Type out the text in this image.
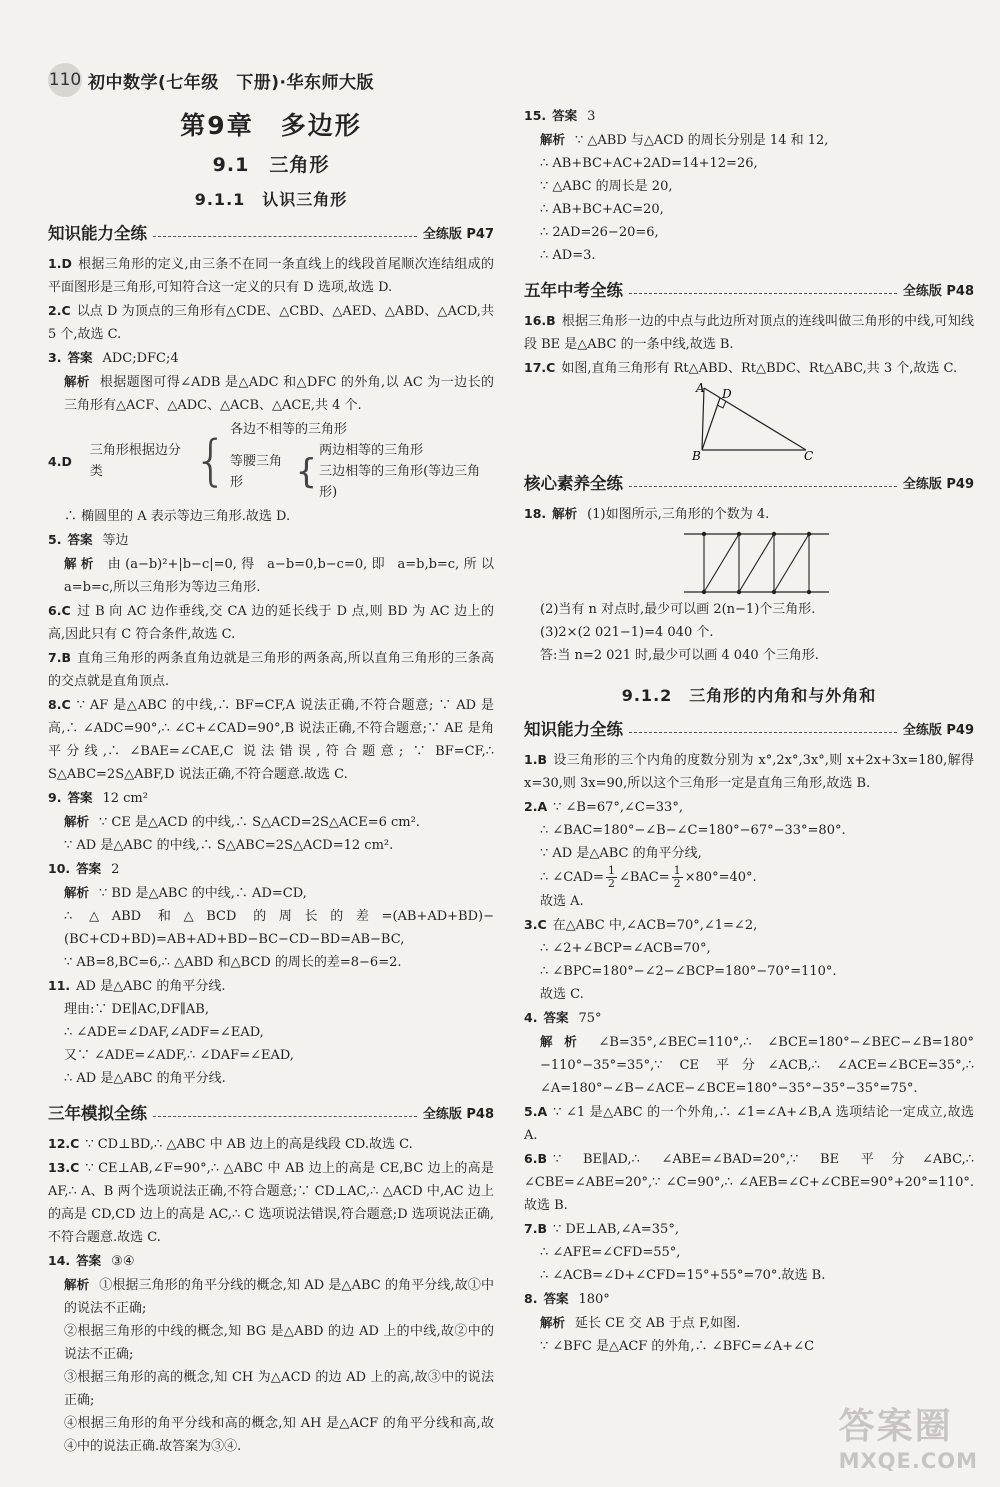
110 初中数学(七年级　下册)·华东师大版
第9章　多边形
9.1　三角形
9.1.1　认识三角形
知识能力全练	全练版 P47
1.D 根据三角形的定义,由三条不在同一条直线上的线段首尾顺次连结组成的平面图形是三角形,可知符合这一定义的只有 D 选项,故选 D.
2.C 以点 D 为顶点的三角形有△CDE、△CBD、△AED、△ABD、△ACD,共 5 个,故选 C.
3. 答案 ADC;DFC;4
解析 根据题图可得∠ADB 是△ADC 和△DFC 的外角,以 AC 为一边长的三角形有△ACF、△ADC、△ACB、△ACE,共 4 个.
4.D
三角形根据边分类	{ 各边不相等的三角形
等腰三角形	{
两边相等的三角形
三边相等的三角形(等边三角形)
∴ 椭圆里的 A 表示等边三角形.故选 D.
5. 答案 等边
解析 由(a−b)²+|b−c|=0,得 a−b=0,b−c=0,即 a=b,b=c,所以 a=b=c,所以三角形为等边三角形.
6.C 过 B 向 AC 边作垂线,交 CA 边的延长线于 D 点,则 BD 为 AC 边上的高,因此只有 C 符合条件,故选 C.
7.B 直角三角形的两条直角边就是三角形的两条高,所以直角三角形的三条高的交点就是直角顶点.
8.C ∵ AF 是△ABC 的中线,∴ BF=CF,A 说法正确,不符合题意; ∵ AD 是高,∴ ∠ADC=90°,∴ ∠C+∠CAD=90°,B 说法正确,不符合题意;∵ AE 是角平分线,∴ ∠BAE=∠CAE,C 说法错误,符合题意; ∵ BF=CF,∴ S△ABC=2S△ABF,D 说法正确,不符合题意.故选 C.
9. 答案 12 cm²
解析 ∵ CE 是△ACD 的中线,∴ S△ACD=2S△ACE=6 cm².
∵ AD 是△ABC 的中线,∴ S△ABC=2S△ACD=12 cm².
10. 答案 2
解析 ∵ BD 是△ABC 的中线,∴ AD=CD,
∴ △ABD 和△BCD 的周长的差=(AB+AD+BD)−(BC+CD+BD)=AB+AD+BD−BC−CD−BD=AB−BC,
∵ AB=8,BC=6,∴ △ABD 和△BCD 的周长的差=8−6=2.
11. AD 是△ABC 的角平分线.
理由:∵ DE∥AC,DF∥AB,
∴ ∠ADE=∠DAF,∠ADF=∠EAD,
又∵ ∠ADE=∠ADF,∴ ∠DAF=∠EAD,
∴ AD 是△ABC 的角平分线.
三年模拟全练	全练版 P48
12.C ∵ CD⊥BD,∴ △ABC 中 AB 边上的高是线段 CD.故选 C.
13.C ∵ CE⊥AB,∠F=90°,∴ △ABC 中 AB 边上的高是 CE,BC 边上的高是 AF,∴ A、B 两个选项说法正确,不符合题意;∵ CD⊥AC,∴ △ACD 中,AC 边上的高是 CD,CD 边上的高是 AC,∴ C 选项说法错误,符合题意;D 选项说法正确,不符合题意.故选 C.
14. 答案 ③④
解析 ①根据三角形的角平分线的概念,知 AD 是△ABC 的角平分线,故①中的说法不正确;
②根据三角形的中线的概念,知 BG 是△ABD 的边 AD 上的中线,故②中的说法不正确;
③根据三角形的高的概念,知 CH 为△ACD 的边 AD 上的高,故③中的说法正确;
④根据三角形的角平分线和高的概念,知 AH 是△ACF 的角平分线和高,故④中的说法正确.故答案为③④.
15. 答案 3
解析 ∵ △ABD 与△ACD 的周长分别是 14 和 12,
∴ AB+BC+AC+2AD=14+12=26,
∵ △ABC 的周长是 20,
∴ AB+BC+AC=20,
∴ 2AD=26−20=6,
∴ AD=3.
五年中考全练	全练版 P48
16.B 根据三角形一边的中点与此边所对顶点的连线叫做三角形的中线,可知线段 BE 是△ABC 的一条中线,故选 B.
17.C 如图,直角三角形有 Rt△ABD、Rt△BDC、Rt△ABC,共 3 个,故选 C.
A D
B	C
核心素养全练	全练版 P49
18. 解析 (1)如图所示,三角形的个数为 4.
(2)当有 n 对点时,最少可以画 2(n−1)个三角形.
(3)2×(2 021−1)=4 040 个.
答:当 n=2 021 时,最少可以画 4 040 个三角形.
9.1.2　三角形的内角和与外角和
知识能力全练	全练版 P49
1.B 设三角形的三个内角的度数分别为 x°,2x°,3x°,则 x+2x+3x=180,解得 x=30,则 3x=90,所以这个三角形一定是直角三角形,故选 B.
2.A ∵ ∠B=67°,∠C=33°,
∴ ∠BAC=180°−∠B−∠C=180°−67°−33°=80°.
∵ AD 是△ABC 的角平分线,
∴ ∠CAD= $\frac{1}{2}$ ∠BAC= $\frac{1}{2} \times 80^\circ=40^\circ$.
故选 A.
3.C 在△ABC 中,∠ACB=70°,∠1=∠2,
∴ ∠2+∠BCP=∠ACB=70°,
∴ ∠BPC=180°−∠2−∠BCP=180°−70°=110°.
故选 C.
4. 答案 75°
解析 ∠B=35°,∠BEC=110°,∴ ∠BCE=180°−∠BEC−∠B=180°−110°−35°=35°,∵ CE 平分∠ACB,∴ ∠ACE=∠BCE=35°,∴ ∠A=180°−∠B−∠ACE−∠BCE=180°−35°−35°−35°=75°.
5.A ∵ ∠1 是△ABC 的一个外角,∴ ∠1=∠A+∠B,A 选项结论一定成立,故选 A.
6.B ∵ BE∥AD,∴ ∠ABE=∠BAD=20°,∵ BE 平分∠ABC,∴ ∠CBE=∠ABE=20°,∵ ∠C=90°,∴ ∠AEB=∠C+∠CBE=90°+20°=110°.故选 B.
7.B ∵ DE⊥AB,∠A=35°,
∴ ∠AFE=∠CFD=55°,
∴ ∠ACB=∠D+∠CFD=15°+55°=70°.故选 B.
8. 答案 180°
解析 延长 CE 交 AB 于点 F,如图.
∵ ∠BFC 是△ACF 的外角,∴ ∠BFC=∠A+∠C
答案圈
MXQE.COM
